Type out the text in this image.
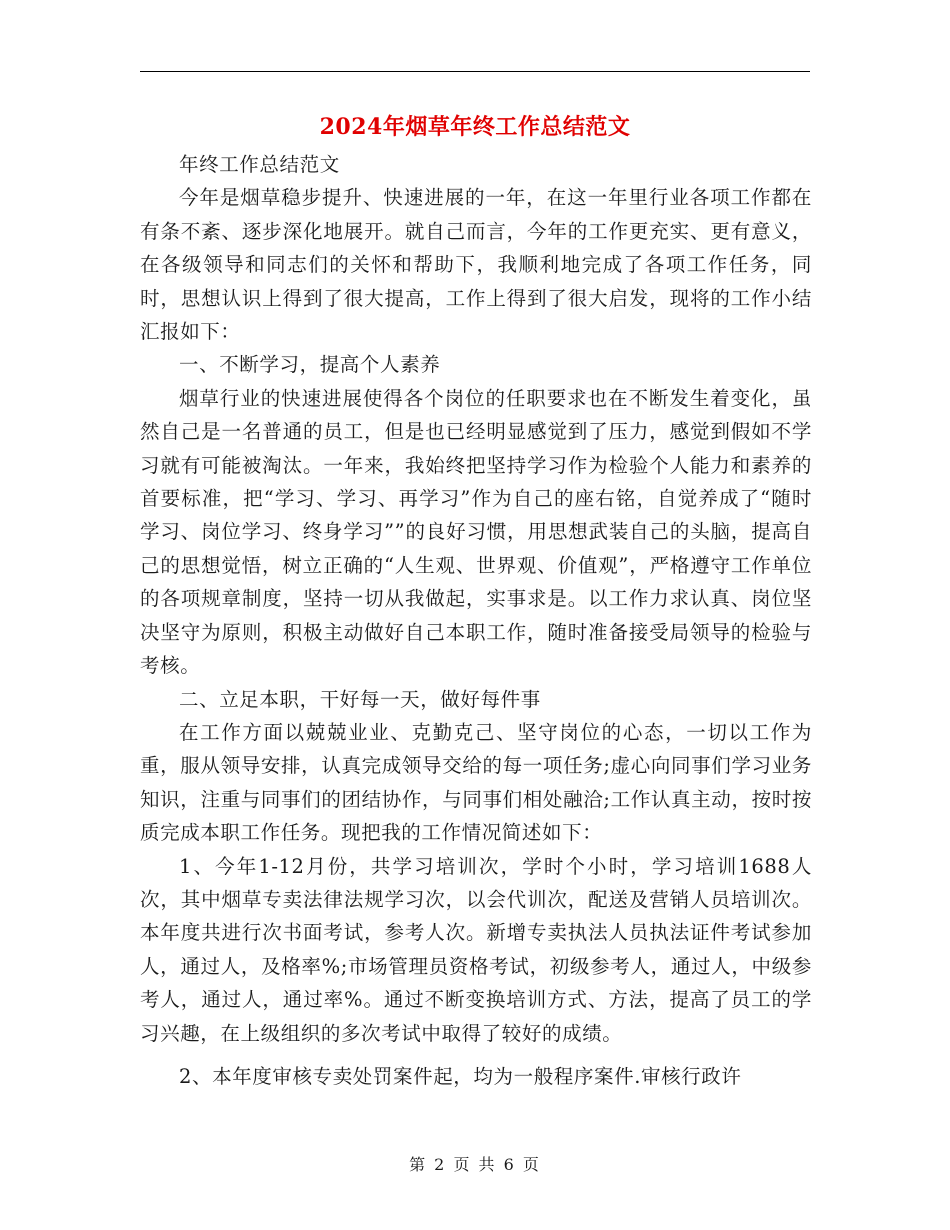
2024年烟草年终工作总结范文

年终工作总结范文

今年是烟草稳步提升、快速进展的一年，在这一年里行业各项工作都在有条不紊、逐步深化地展开。就自己而言，今年的工作更充实、更有意义，在各级领导和同志们的关怀和帮助下，我顺利地完成了各项工作任务，同时，思想认识上得到了很大提高，工作上得到了很大启发，现将的工作小结汇报如下：

一、不断学习，提高个人素养

烟草行业的快速进展使得各个岗位的任职要求也在不断发生着变化，虽然自己是一名普通的员工，但是也已经明显感觉到了压力，感觉到假如不学习就有可能被淘汰。一年来，我始终把坚持学习作为检验个人能力和素养的首要标准，把“学习、学习、再学习”作为自己的座右铭，自觉养成了“随时学习、岗位学习、终身学习””的良好习惯，用思想武装自己的头脑，提高自己的思想觉悟，树立正确的“人生观、世界观、价值观”，严格遵守工作单位的各项规章制度，坚持一切从我做起，实事求是。以工作力求认真、岗位坚决坚守为原则，积极主动做好自己本职工作，随时准备接受局领导的检验与考核。

二、立足本职，干好每一天，做好每件事

在工作方面以兢兢业业、克勤克己、坚守岗位的心态，一切以工作为重，服从领导安排，认真完成领导交给的每一项任务;虚心向同事们学习业务知识，注重与同事们的团结协作，与同事们相处融洽;工作认真主动，按时按质完成本职工作任务。现把我的工作情况简述如下：

1、今年1-12月份，共学习培训次，学时个小时，学习培训1688人次，其中烟草专卖法律法规学习次，以会代训次，配送及营销人员培训次。本年度共进行次书面考试，参考人次。新增专卖执法人员执法证件考试参加人，通过人，及格率%;市场管理员资格考试，初级参考人，通过人，中级参考人，通过人，通过率%。通过不断变换培训方式、方法，提高了员工的学习兴趣，在上级组织的多次考试中取得了较好的成绩。

2、本年度审核专卖处罚案件起，均为一般程序案件.审核行政许

第 2 页 共 6 页
